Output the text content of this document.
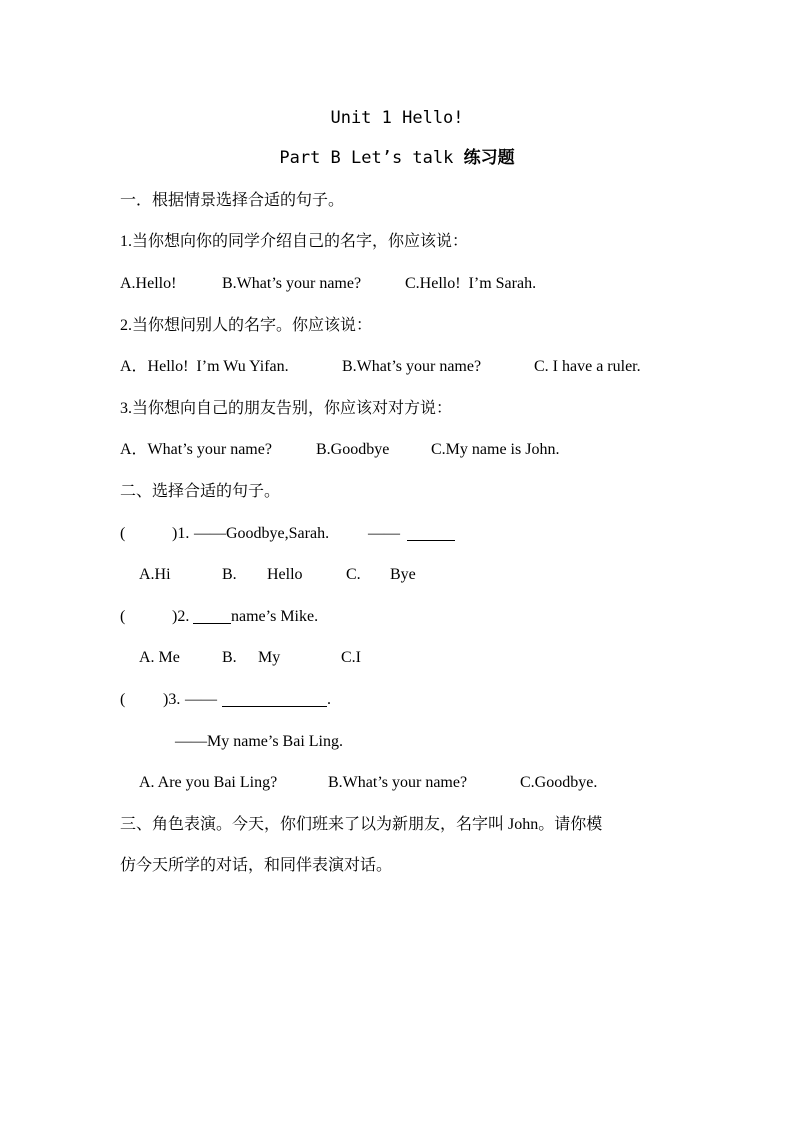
Unit 1 Hello!
Part B Let’s talk 练习题
一．根据情景选择合适的句子。
1.当你想向你的同学介绍自己的名字，你应该说：
A.Hello!	B.What’s your name?	C.Hello!  I’m Sarah.
2.当你想问别人的名字。你应该说：
A．Hello!  I’m Wu Yifan.	B.What’s your name?	C. I have a ruler.
3.当你想向自己的朋友告别，你应该对对方说：
A．What’s your name?	B.Goodbye	C.My name is John.
二、选择合适的句子。
(	)1. ——Goodbye,Sarah. ——
A.Hi	B. Hello	C. Bye
(	)2.	name’s Mike.
A. Me	B. My	C.I
( )3. ——	.
——My name’s Bai Ling.
A. Are you Bai Ling?	B.What’s your name?	C.Goodbye.
三、角色表演。今天，你们班来了以为新朋友，名字叫 John。请你模
仿今天所学的对话，和同伴表演对话。
